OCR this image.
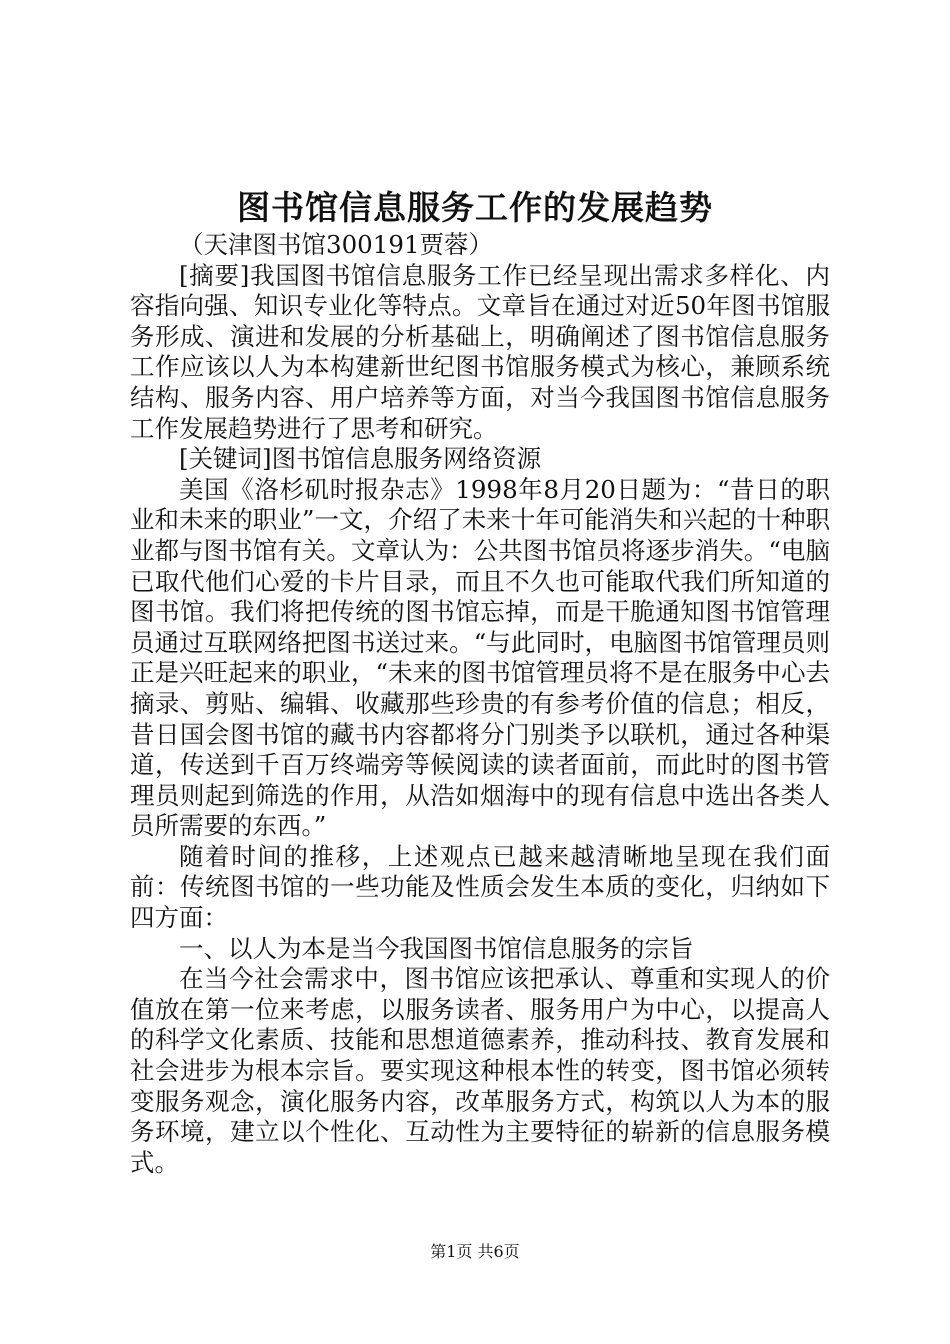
图书馆信息服务工作的发展趋势

（天津图书馆300191贾蓉）

[摘要]我国图书馆信息服务工作已经呈现出需求多样化、内容指向强、知识专业化等特点。文章旨在通过对近50年图书馆服务形成、演进和发展的分析基础上，明确阐述了图书馆信息服务工作应该以人为本构建新世纪图书馆服务模式为核心，兼顾系统结构、服务内容、用户培养等方面，对当今我国图书馆信息服务工作发展趋势进行了思考和研究。

[关键词]图书馆信息服务网络资源

美国《洛杉矶时报杂志》1998年8月20日题为：“昔日的职业和未来的职业”一文，介绍了未来十年可能消失和兴起的十种职业都与图书馆有关。文章认为：公共图书馆员将逐步消失。“电脑已取代他们心爱的卡片目录，而且不久也可能取代我们所知道的图书馆。我们将把传统的图书馆忘掉，而是干脆通知图书馆管理员通过互联网络把图书送过来。“与此同时，电脑图书馆管理员则正是兴旺起来的职业，“未来的图书馆管理员将不是在服务中心去摘录、剪贴、编辑、收藏那些珍贵的有参考价值的信息；相反，昔日国会图书馆的藏书内容都将分门别类予以联机，通过各种渠道，传送到千百万终端旁等候阅读的读者面前，而此时的图书管理员则起到筛选的作用，从浩如烟海中的现有信息中选出各类人员所需要的东西。”

随着时间的推移，上述观点已越来越清晰地呈现在我们面前：传统图书馆的一些功能及性质会发生本质的变化，归纳如下四方面：

一、以人为本是当今我国图书馆信息服务的宗旨

在当今社会需求中，图书馆应该把承认、尊重和实现人的价值放在第一位来考虑，以服务读者、服务用户为中心，以提高人的科学文化素质、技能和思想道德素养，推动科技、教育发展和社会进步为根本宗旨。要实现这种根本性的转变，图书馆必须转变服务观念，演化服务内容，改革服务方式，构筑以人为本的服务环境，建立以个性化、互动性为主要特征的崭新的信息服务模式。

第1页 共6页
